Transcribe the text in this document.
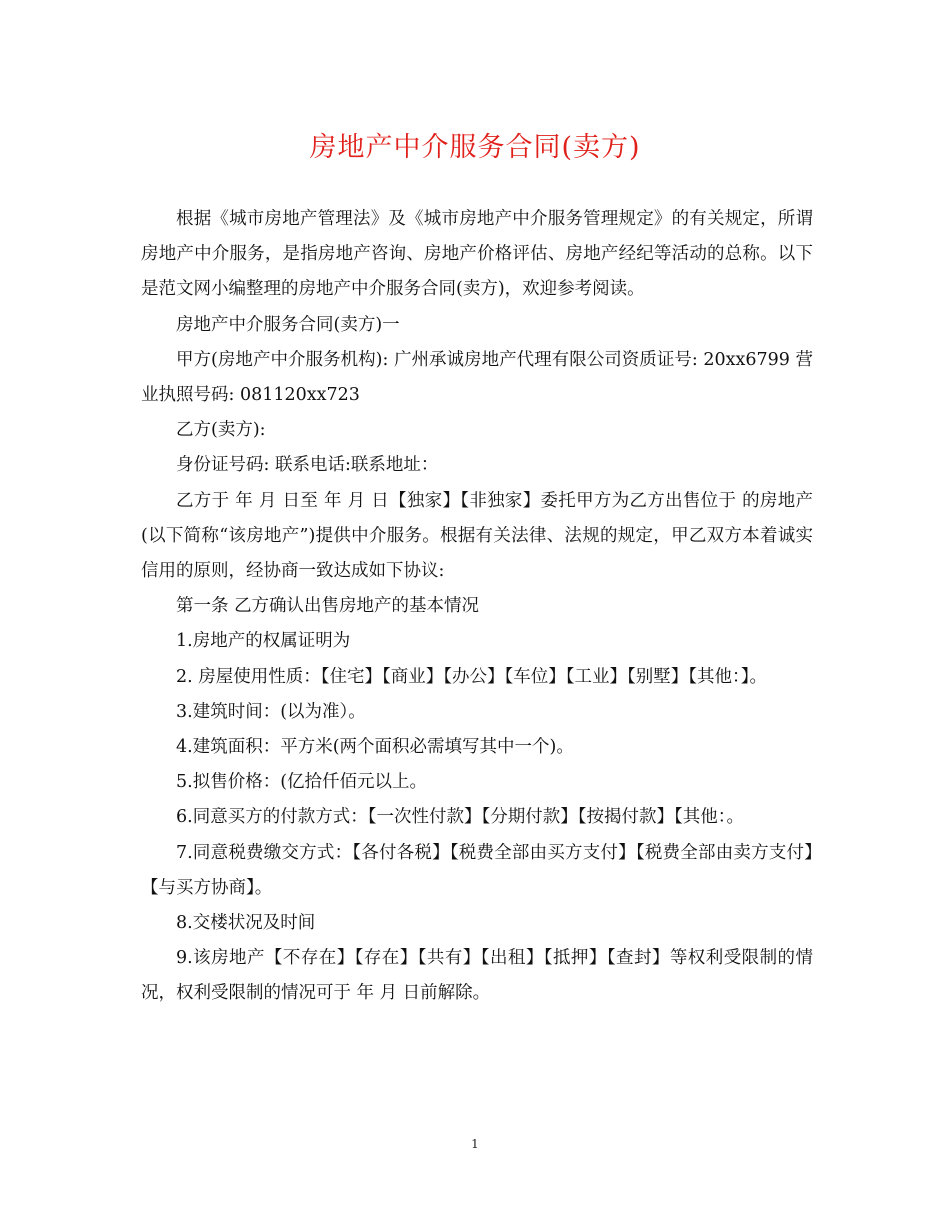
房地产中介服务合同(卖方)

根据《城市房地产管理法》及《城市房地产中介服务管理规定》的有关规定，所谓房地产中介服务，是指房地产咨询、房地产价格评估、房地产经纪等活动的总称。以下是范文网小编整理的房地产中介服务合同(卖方)，欢迎参考阅读。

房地产中介服务合同(卖方)一

甲方(房地产中介服务机构): 广州承诚房地产代理有限公司资质证号: 20xx6799 营业执照号码: 081120xx723

乙方(卖方):

身份证号码: 联系电话:联系地址：

乙方于 年 月 日至 年 月 日【独家】【非独家】委托甲方为乙方出售位于 的房地产(以下简称“该房地产”)提供中介服务。根据有关法律、法规的规定，甲乙双方本着诚实信用的原则，经协商一致达成如下协议:

第一条 乙方确认出售房地产的基本情况

1.房地产的权属证明为

2. 房屋使用性质：【住宅】【商业】【办公】【车位】【工业】【别墅】【其他：】。

3.建筑时间：(以为准）。

4.建筑面积：平方米(两个面积必需填写其中一个)。

5.拟售价格：(亿拾仟佰元以上。

6.同意买方的付款方式：【一次性付款】【分期付款】【按揭付款】【其他：。

7.同意税费缴交方式：【各付各税】【税费全部由买方支付】【税费全部由卖方支付】【与买方协商】。

8.交楼状况及时间

9.该房地产【不存在】【存在】【共有】【出租】【抵押】【查封】等权利受限制的情况，权利受限制的情况可于 年 月 日前解除。

1
